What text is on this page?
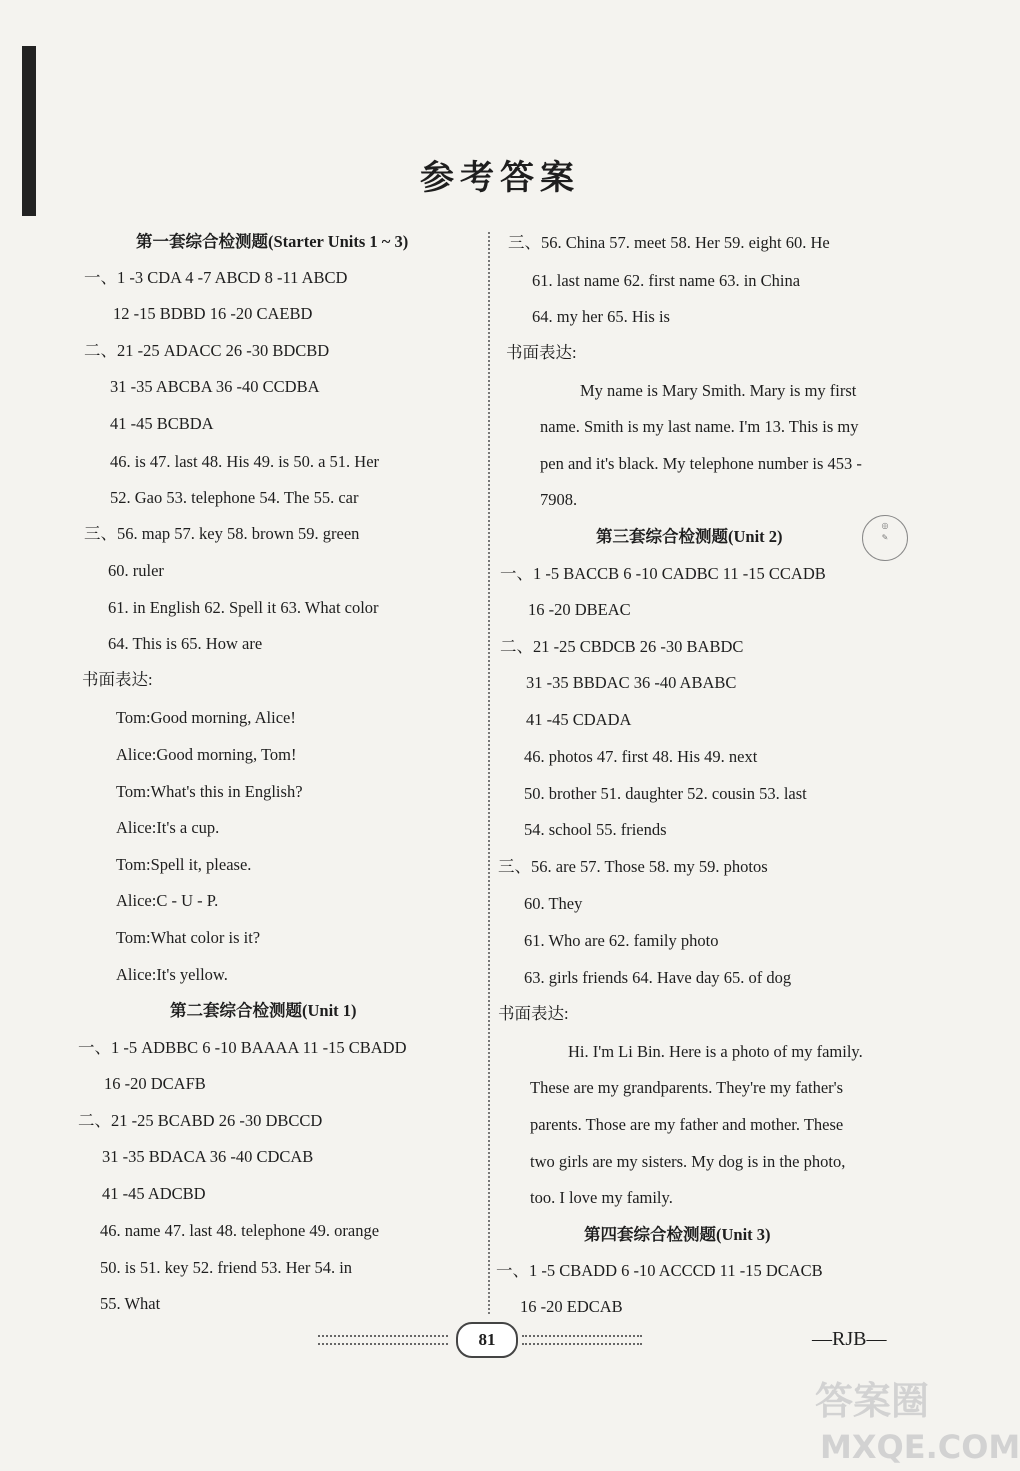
参考答案
第一套综合检测题(Starter Units 1 ~ 3)
一、1 -3 CDA 4 -7 ABCD 8 -11 ABCD
12 -15 BDBD 16 -20 CAEBD
二、21 -25 ADACC 26 -30 BDCBD
31 -35 ABCBA 36 -40 CCDBA
41 -45 BCBDA
46. is 47. last 48. His 49. is 50. a 51. Her
52. Gao 53. telephone 54. The 55. car
三、56. map 57. key 58. brown 59. green
60. ruler
61. in English 62. Spell it 63. What color
64. This is 65. How are
书面表达:
Tom:Good morning, Alice!
Alice:Good morning, Tom!
Tom:What's this in English?
Alice:It's a cup.
Tom:Spell it, please.
Alice:C - U - P.
Tom:What color is it?
Alice:It's yellow.
第二套综合检测题(Unit 1)
一、1 -5 ADBBC 6 -10 BAAAA 11 -15 CBADD
16 -20 DCAFB
二、21 -25 BCABD 26 -30 DBCCD
31 -35 BDACA 36 -40 CDCAB
41 -45 ADCBD
46. name 47. last 48. telephone 49. orange
50. is 51. key 52. friend 53. Her 54. in
55. What
三、56. China 57. meet 58. Her 59. eight 60. He
61. last name 62. first name 63. in China
64. my her 65. His is
书面表达:
My name is Mary Smith. Mary is my first
name. Smith is my last name. I'm 13. This is my
pen and it's black. My telephone number is 453 -
7908.
第三套综合检测题(Unit 2)
一、1 -5 BACCB 6 -10 CADBC 11 -15 CCADB
16 -20 DBEAC
二、21 -25 CBDCB 26 -30 BABDC
31 -35 BBDAC 36 -40 ABABC
41 -45 CDADA
46. photos 47. first 48. His 49. next
50. brother 51. daughter 52. cousin 53. last
54. school 55. friends
三、56. are 57. Those 58. my 59. photos
60. They
61. Who are 62. family photo
63. girls friends 64. Have day 65. of dog
书面表达:
Hi. I'm Li Bin. Here is a photo of my family.
These are my grandparents. They're my father's
parents. Those are my father and mother. These
two girls are my sisters. My dog is in the photo,
too. I love my family.
第四套综合检测题(Unit 3)
一、1 -5 CBADD 6 -10 ACCCD 11 -15 DCACB
16 -20 EDCAB
◎
✎
81	—RJB—
答案圈
MXQE.COM
